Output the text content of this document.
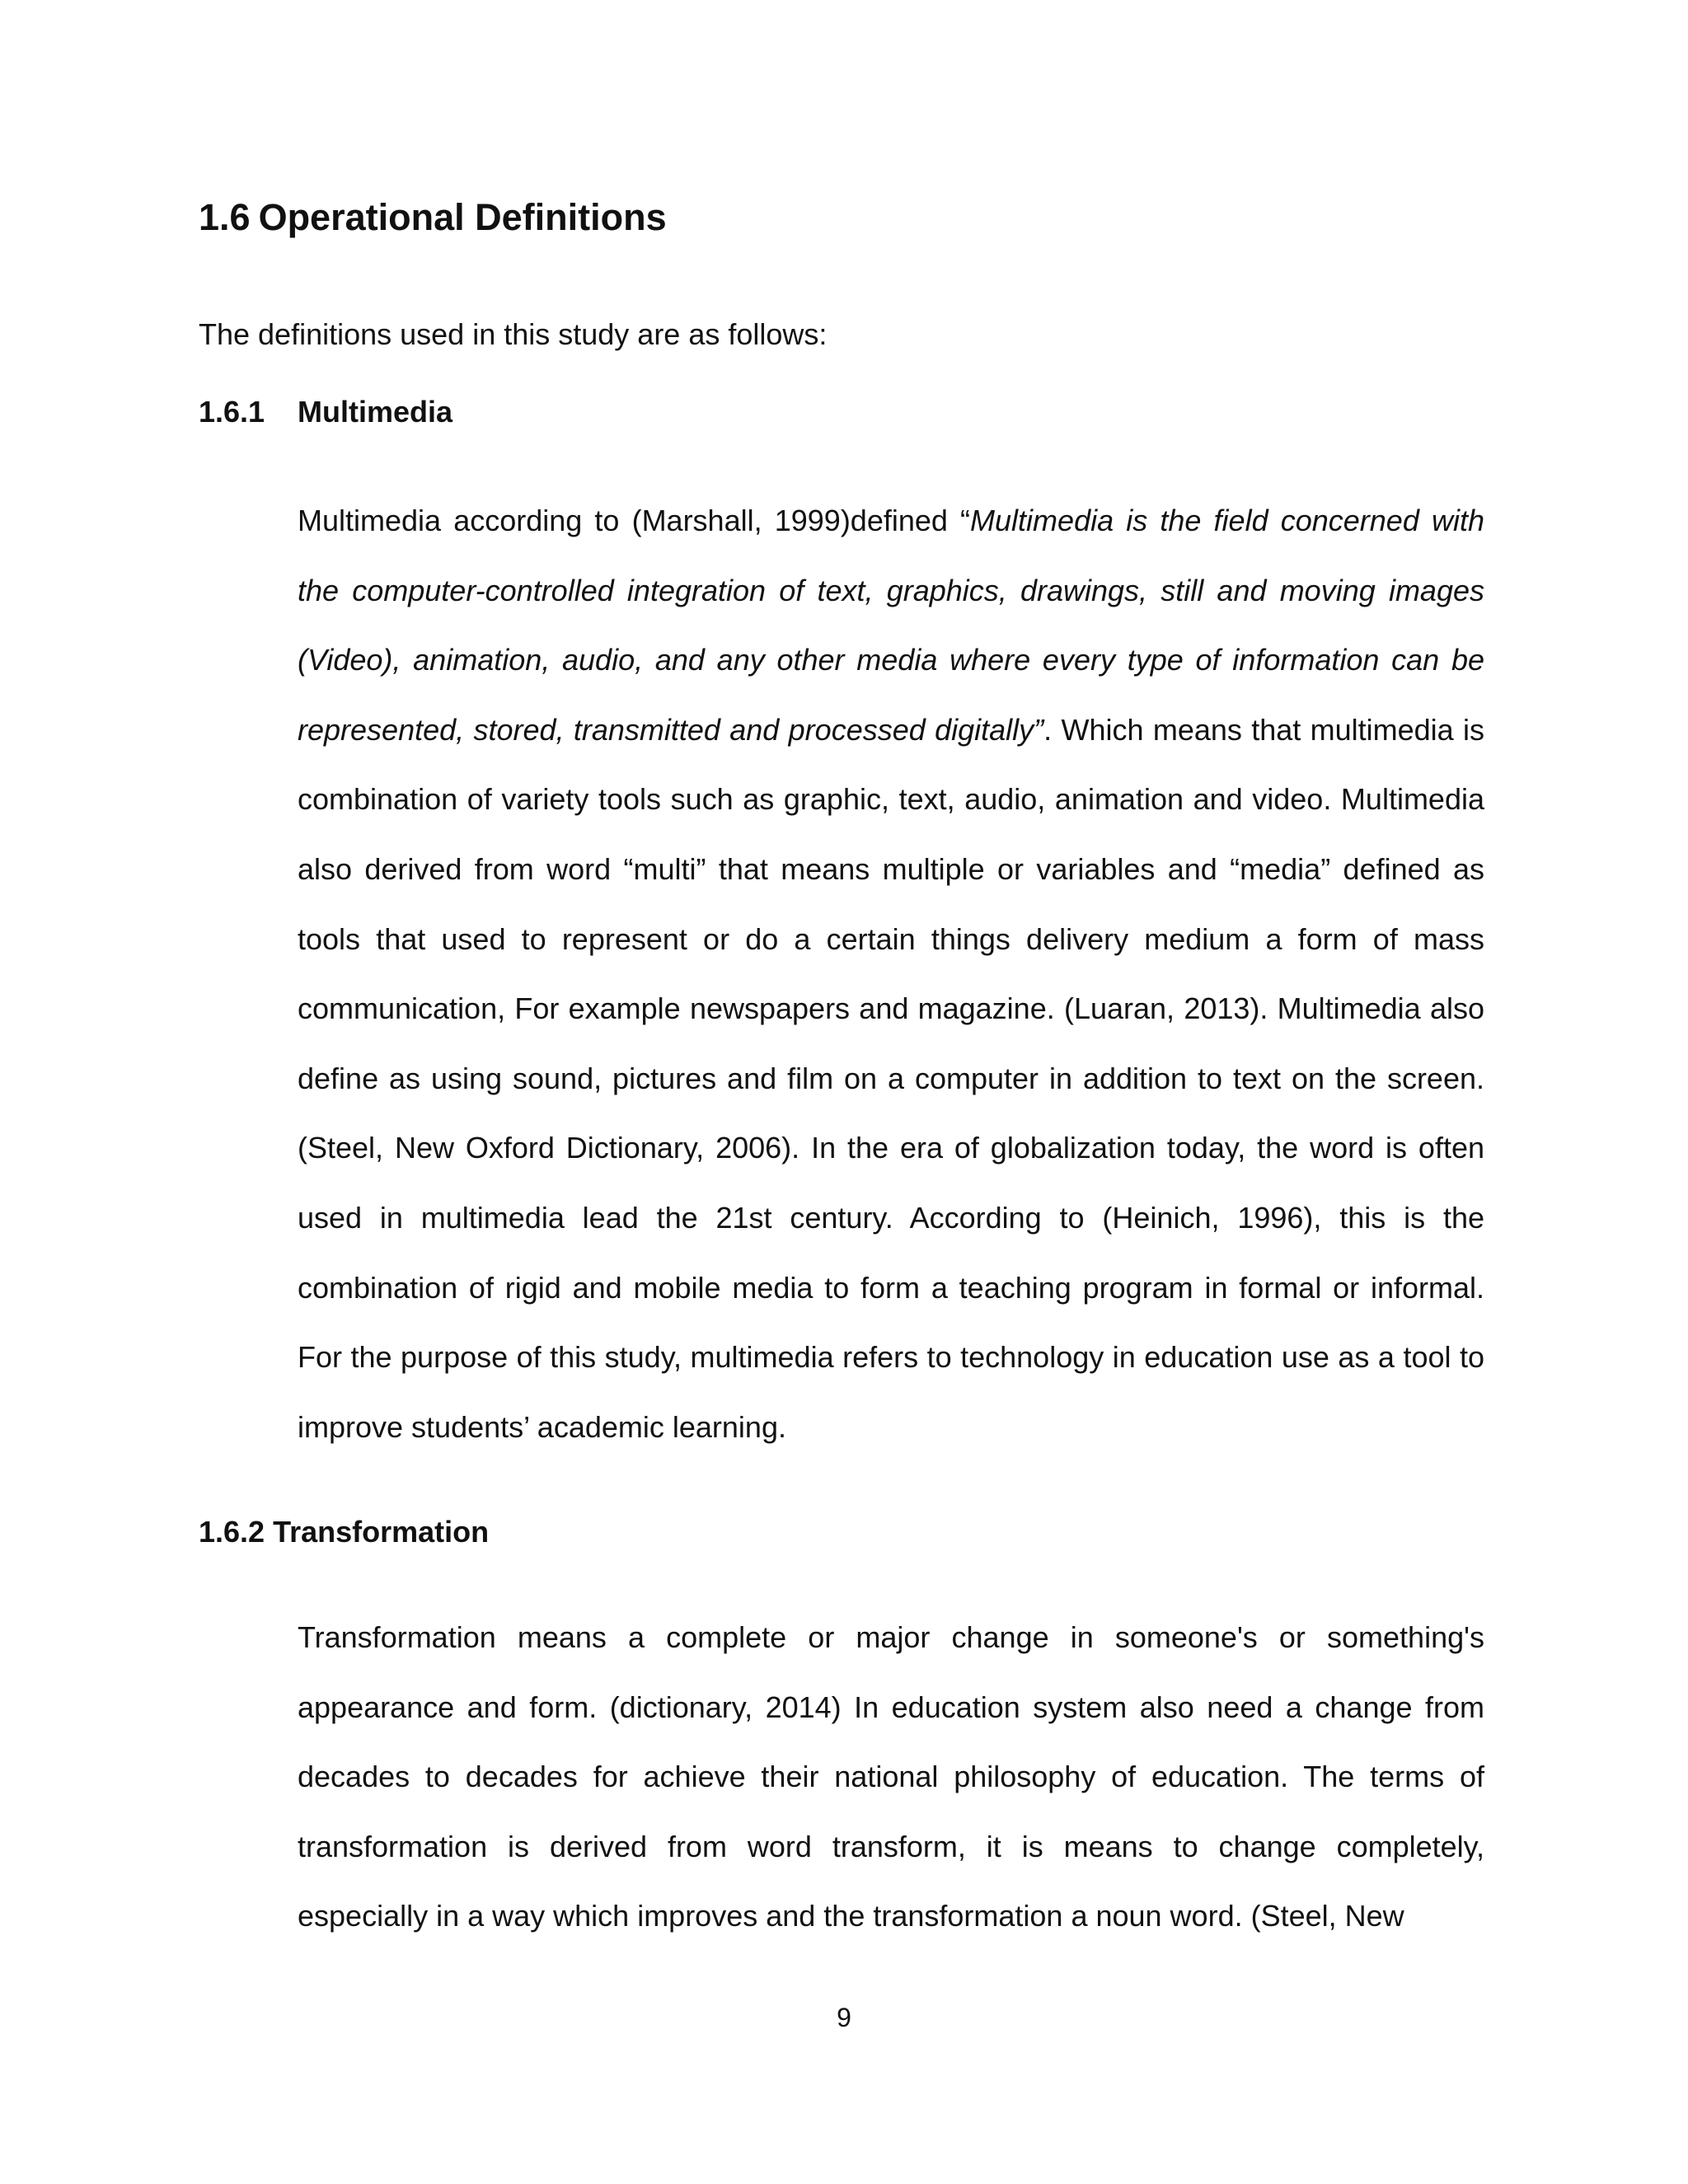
1.6 Operational Definitions

The definitions used in this study are as follows:

1.6.1 Multimedia

Multimedia according to (Marshall, 1999)defined “Multimedia is the field concerned with the computer-controlled integration of text, graphics, drawings, still and moving images (Video), animation, audio, and any other media where every type of information can be represented, stored, transmitted and processed digitally”. Which means that multimedia is combination of variety tools such as graphic, text, audio, animation and video. Multimedia also derived from word “multi” that means multiple or variables and “media” defined as tools that used to represent or do a certain things delivery medium a form of mass communication, For example newspapers and magazine. (Luaran, 2013). Multimedia also define as using sound, pictures and film on a computer in addition to text on the screen. (Steel, New Oxford Dictionary, 2006). In the era of globalization today, the word is often used in multimedia lead the 21st century. According to (Heinich, 1996), this is the combination of rigid and mobile media to form a teaching program in formal or informal. For the purpose of this study, multimedia refers to technology in education use as a tool to improve students’ academic learning.

1.6.2 Transformation

Transformation means a complete or major change in someone's or something's appearance and form. (dictionary, 2014) In education system also need a change from decades to decades for achieve their national philosophy of education. The terms of transformation is derived from word transform, it is means to change completely, especially in a way which improves and the transformation a noun word. (Steel, New

9
